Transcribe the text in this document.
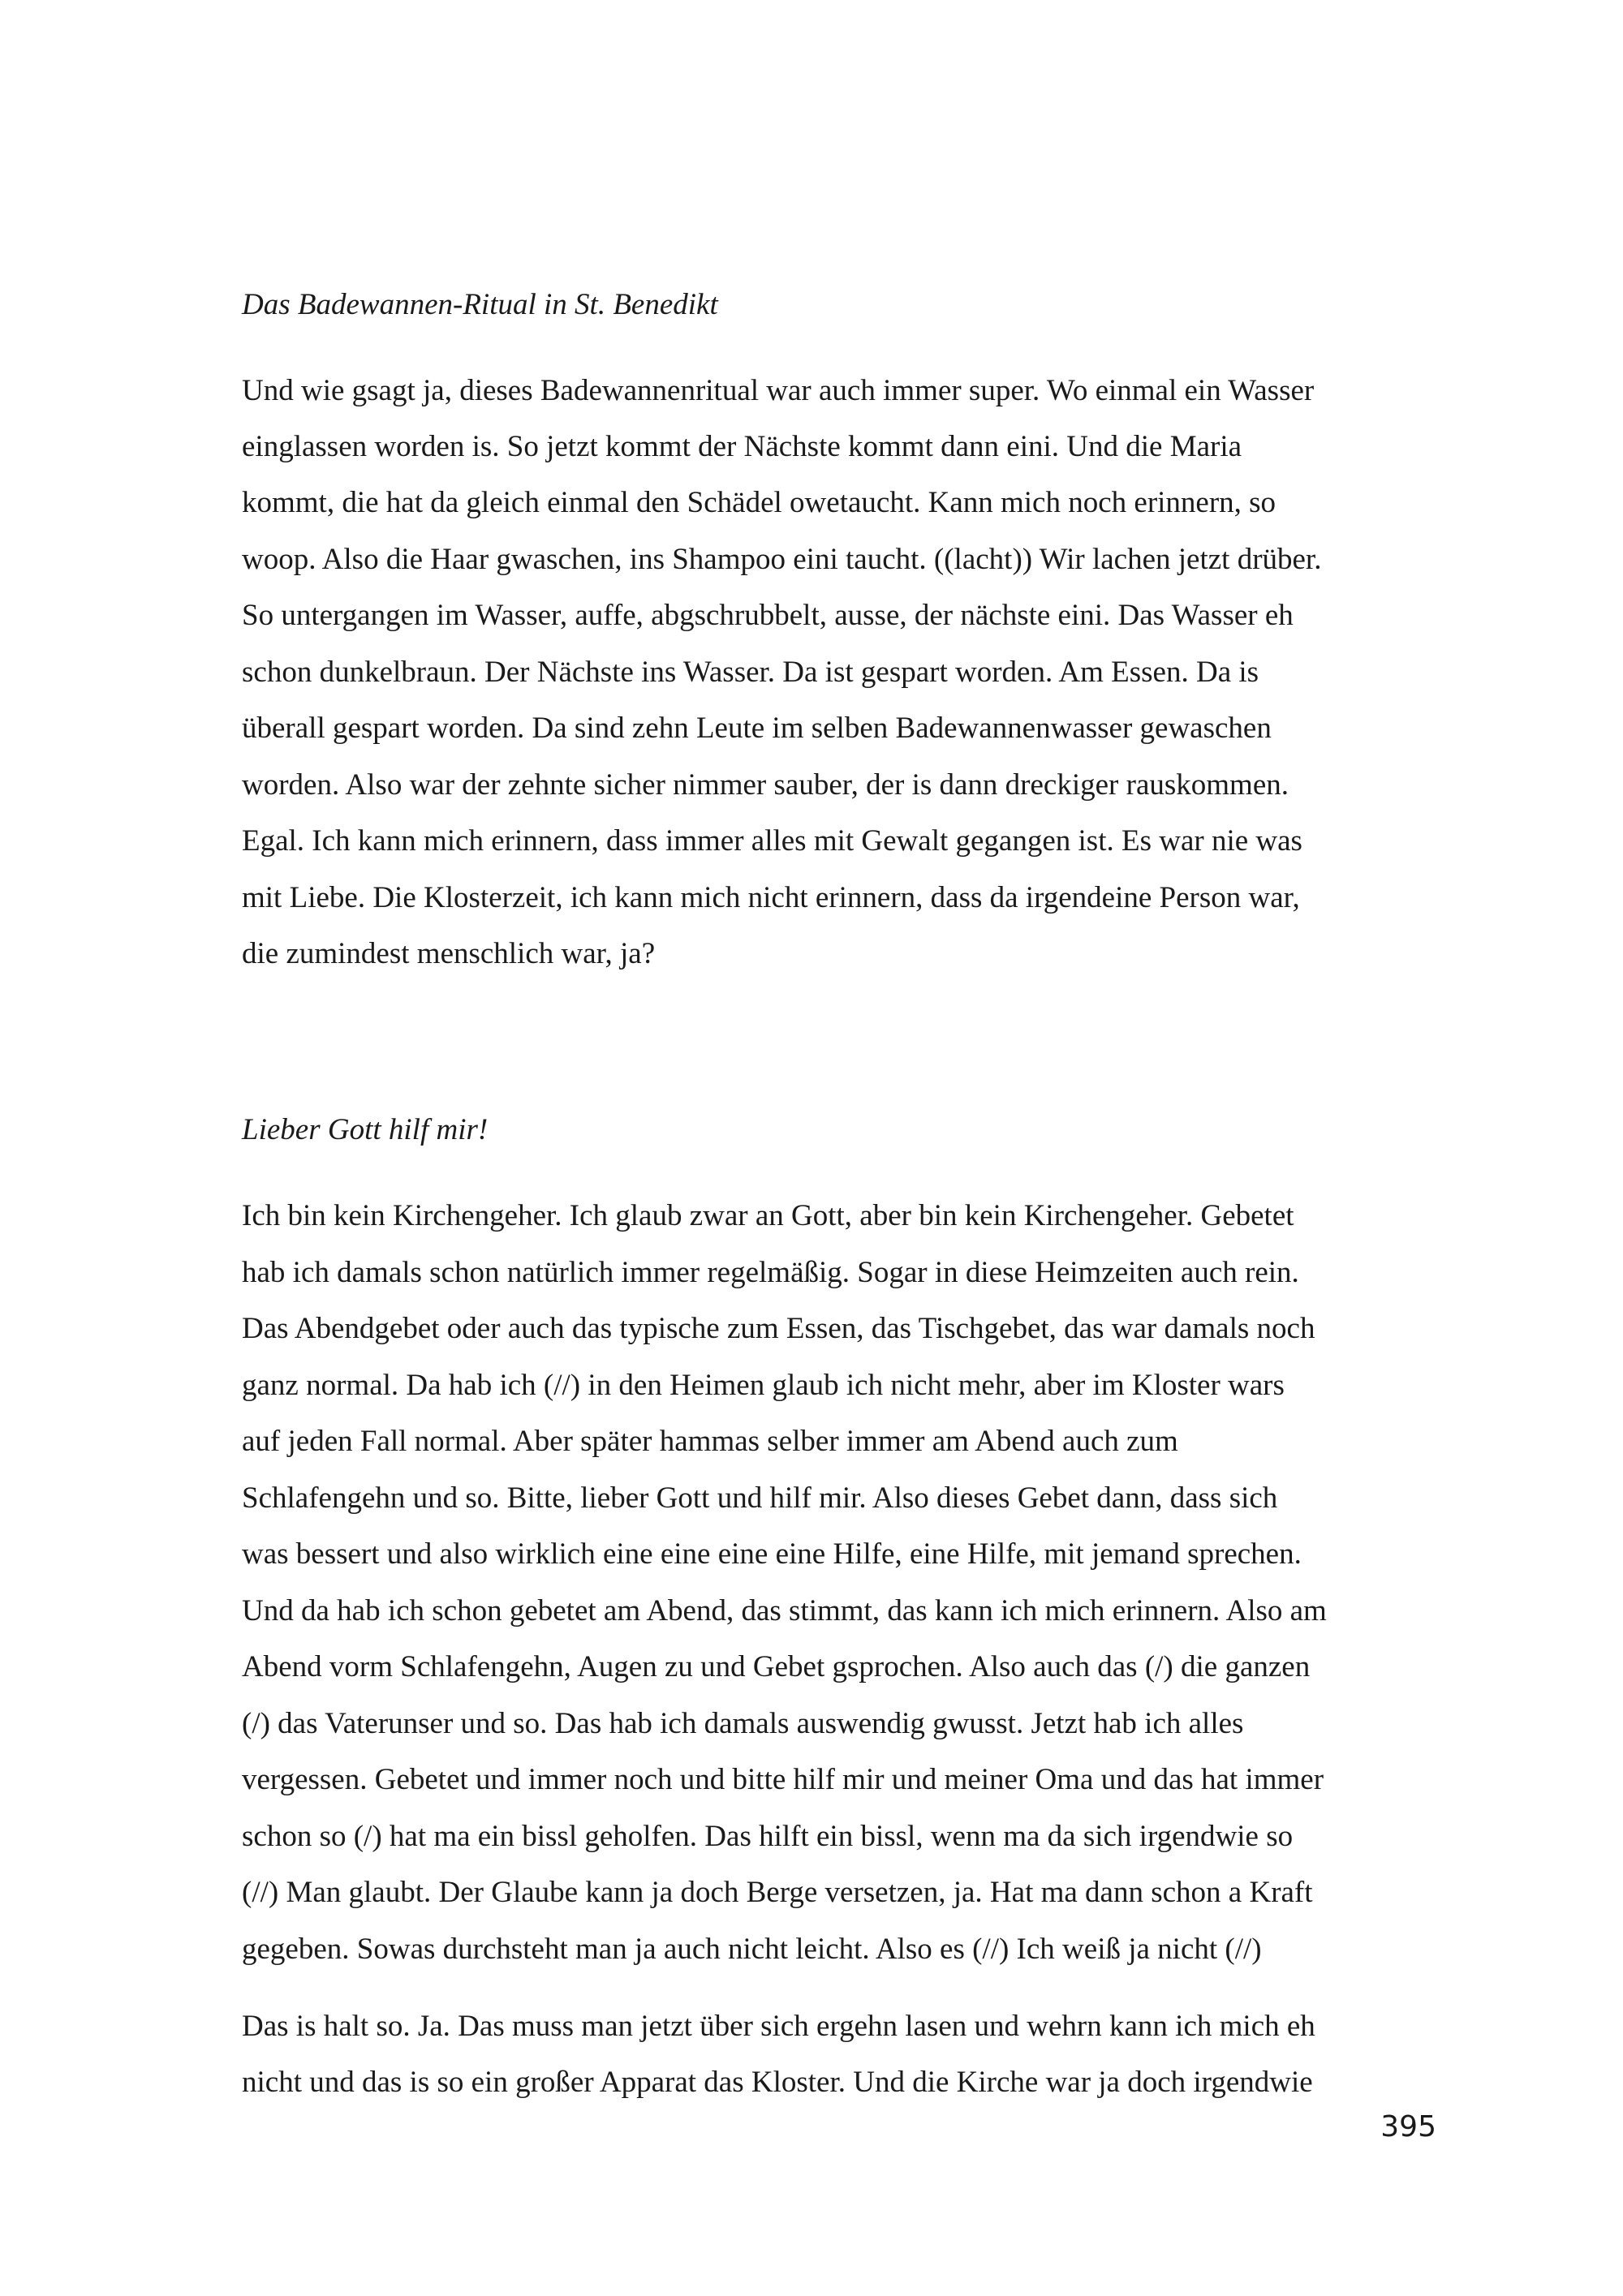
Das Badewannen-Ritual in St. Benedikt

Und wie gsagt ja, dieses Badewannenritual war auch immer super. Wo einmal ein Wasser

einglassen worden is. So jetzt kommt der Nächste kommt dann eini. Und die Maria

kommt, die hat da gleich einmal den Schädel owetaucht. Kann mich noch erinnern, so

woop. Also die Haar gwaschen, ins Shampoo eini taucht. ((lacht)) Wir lachen jetzt drüber.

So untergangen im Wasser, auffe, abgschrubbelt, ausse, der nächste eini. Das Wasser eh

schon dunkelbraun. Der Nächste ins Wasser. Da ist gespart worden. Am Essen. Da is

überall gespart worden. Da sind zehn Leute im selben Badewannenwasser gewaschen

worden. Also war der zehnte sicher nimmer sauber, der is dann dreckiger rauskommen.

Egal. Ich kann mich erinnern, dass immer alles mit Gewalt gegangen ist. Es war nie was

mit Liebe. Die Klosterzeit, ich kann mich nicht erinnern, dass da irgendeine Person war,

die zumindest menschlich war, ja?

Lieber Gott hilf mir!

Ich bin kein Kirchengeher. Ich glaub zwar an Gott, aber bin kein Kirchengeher. Gebetet

hab ich damals schon natürlich immer regelmäßig. Sogar in diese Heimzeiten auch rein.

Das Abendgebet oder auch das typische zum Essen, das Tischgebet, das war damals noch

ganz normal. Da hab ich (//) in den Heimen glaub ich nicht mehr, aber im Kloster wars

auf jeden Fall normal. Aber später hammas selber immer am Abend auch zum

Schlafengehn und so. Bitte, lieber Gott und hilf mir. Also dieses Gebet dann, dass sich

was bessert und also wirklich eine eine eine eine Hilfe, eine Hilfe, mit jemand sprechen.

Und da hab ich schon gebetet am Abend, das stimmt, das kann ich mich erinnern. Also am

Abend vorm Schlafengehn, Augen zu und Gebet gsprochen. Also auch das (/) die ganzen

(/) das Vaterunser und so. Das hab ich damals auswendig gwusst. Jetzt hab ich alles

vergessen. Gebetet und immer noch und bitte hilf mir und meiner Oma und das hat immer

schon so (/) hat ma ein bissl geholfen. Das hilft ein bissl, wenn ma da sich irgendwie so

(//) Man glaubt. Der Glaube kann ja doch Berge versetzen, ja. Hat ma dann schon a Kraft

gegeben. Sowas durchsteht man ja auch nicht leicht. Also es (//) Ich weiß ja nicht (//)

Das is halt so. Ja. Das muss man jetzt über sich ergehn lasen und wehrn kann ich mich eh

nicht und das is so ein großer Apparat das Kloster. Und die Kirche war ja doch irgendwie

395
